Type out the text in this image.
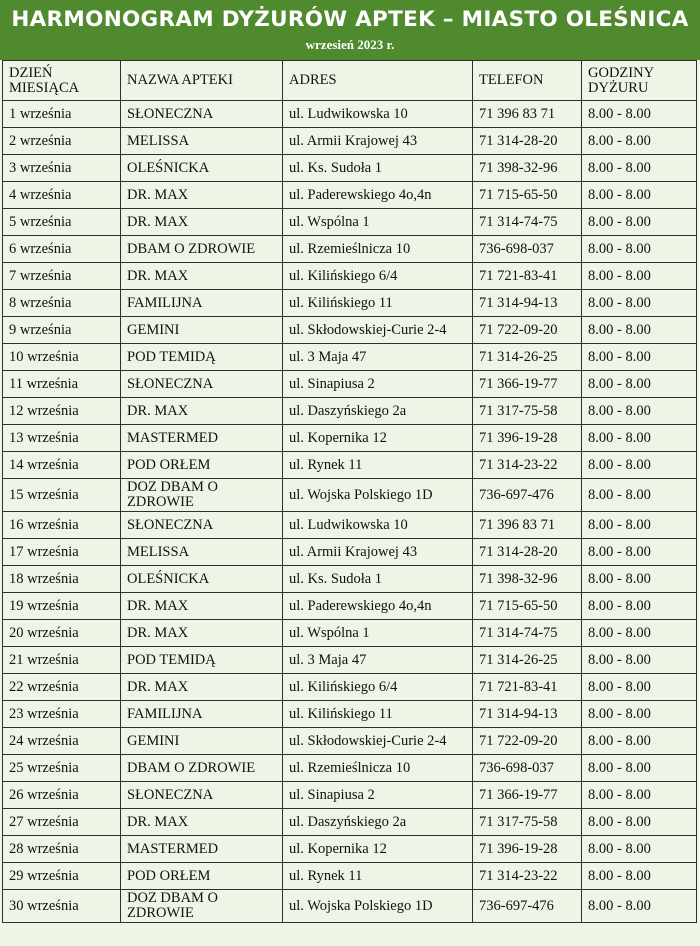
HARMONOGRAM DYŻURÓW APTEK – MIASTO OLEŚNICA
wrzesień 2023 r.
DZIEŃ MIESIĄCA	NAZWA APTEKI	ADRES	TELEFON	GODZINY DYŻURU
1 września	SŁONECZNA	ul. Ludwikowska 10	71 396 83 71	8.00 - 8.00
2 września	MELISSA	ul. Armii Krajowej 43	71 314-28-20	8.00 - 8.00
3 września	OLEŚNICKA	ul. Ks. Sudoła 1	71 398-32-96	8.00 - 8.00
4 września	DR. MAX	ul. Paderewskiego 4o,4n	71 715-65-50	8.00 - 8.00
5 września	DR. MAX	ul. Wspólna 1	71 314-74-75	8.00 - 8.00
6 września	DBAM O ZDROWIE	ul. Rzemieślnicza 10	736-698-037	8.00 - 8.00
7 września	DR. MAX	ul. Kilińskiego 6/4	71 721-83-41	8.00 - 8.00
8 września	FAMILIJNA	ul. Kilińskiego 11	71 314-94-13	8.00 - 8.00
9 września	GEMINI	ul. Skłodowskiej-Curie 2-4	71 722-09-20	8.00 - 8.00
10 września	POD TEMIDĄ	ul. 3 Maja 47	71 314-26-25	8.00 - 8.00
11 września	SŁONECZNA	ul. Sinapiusa 2	71 366-19-77	8.00 - 8.00
12 września	DR. MAX	ul. Daszyńskiego 2a	71 317-75-58	8.00 - 8.00
13 września	MASTERMED	ul. Kopernika 12	71 396-19-28	8.00 - 8.00
14 września	POD ORŁEM	ul. Rynek 11	71 314-23-22	8.00 - 8.00
15 września	DOZ DBAM O ZDROWIE	ul. Wojska Polskiego 1D	736-697-476	8.00 - 8.00
16 września	SŁONECZNA	ul. Ludwikowska 10	71 396 83 71	8.00 - 8.00
17 września	MELISSA	ul. Armii Krajowej 43	71 314-28-20	8.00 - 8.00
18 września	OLEŚNICKA	ul. Ks. Sudoła 1	71 398-32-96	8.00 - 8.00
19 września	DR. MAX	ul. Paderewskiego 4o,4n	71 715-65-50	8.00 - 8.00
20 września	DR. MAX	ul. Wspólna 1	71 314-74-75	8.00 - 8.00
21 września	POD TEMIDĄ	ul. 3 Maja 47	71 314-26-25	8.00 - 8.00
22 września	DR. MAX	ul. Kilińskiego 6/4	71 721-83-41	8.00 - 8.00
23 września	FAMILIJNA	ul. Kilińskiego 11	71 314-94-13	8.00 - 8.00
24 września	GEMINI	ul. Skłodowskiej-Curie 2-4	71 722-09-20	8.00 - 8.00
25 września	DBAM O ZDROWIE	ul. Rzemieślnicza 10	736-698-037	8.00 - 8.00
26 września	SŁONECZNA	ul. Sinapiusa 2	71 366-19-77	8.00 - 8.00
27 września	DR. MAX	ul. Daszyńskiego 2a	71 317-75-58	8.00 - 8.00
28 września	MASTERMED	ul. Kopernika 12	71 396-19-28	8.00 - 8.00
29 września	POD ORŁEM	ul. Rynek 11	71 314-23-22	8.00 - 8.00
30 września	DOZ DBAM O ZDROWIE	ul. Wojska Polskiego 1D	736-697-476	8.00 - 8.00
